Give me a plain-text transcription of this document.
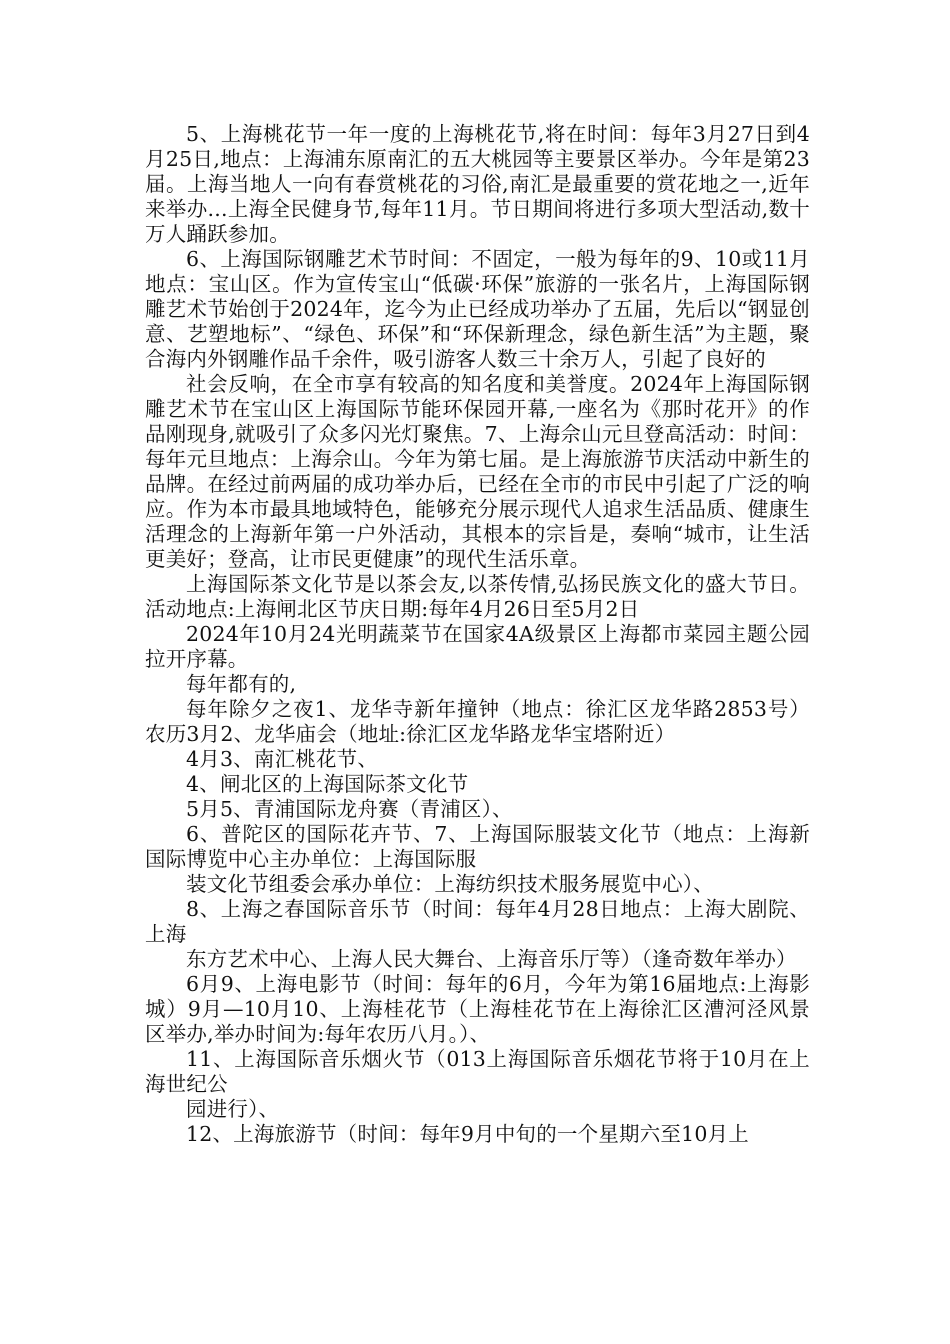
5、上海桃花节一年一度的上海桃花节,将在时间：每年3月27日到4月25日,地点：上海浦东原南汇的五大桃园等主要景区举办。今年是第23届。上海当地人一向有春赏桃花的习俗,南汇是最重要的赏花地之一,近年来举办...上海全民健身节,每年11月。节日期间将进行多项大型活动,数十万人踊跃参加。

6、上海国际钢雕艺术节时间：不固定，一般为每年的9、10或11月地点：宝山区。作为宣传宝山“低碳·环保”旅游的一张名片，上海国际钢雕艺术节始创于2024年，迄今为止已经成功举办了五届，先后以“钢显创意、艺塑地标”、“绿色、环保”和“环保新理念，绿色新生活”为主题，聚合海内外钢雕作品千余件，吸引游客人数三十余万人，引起了良好的

社会反响，在全市享有较高的知名度和美誉度。2024年上海国际钢雕艺术节在宝山区上海国际节能环保园开幕,一座名为《那时花开》的作品刚现身,就吸引了众多闪光灯聚焦。7、上海佘山元旦登高活动：时间：每年元旦地点：上海佘山。今年为第七届。是上海旅游节庆活动中新生的品牌。在经过前两届的成功举办后，已经在全市的市民中引起了广泛的响应。作为本市最具地域特色，能够充分展示现代人追求生活品质、健康生活理念的上海新年第一户外活动，其根本的宗旨是，奏响“城市，让生活更美好；登高，让市民更健康”的现代生活乐章。

上海国际茶文化节是以茶会友,以茶传情,弘扬民族文化的盛大节日。活动地点:上海闸北区节庆日期:每年4月26日至5月2日

2024年10月24光明蔬菜节在国家4A级景区上海都市菜园主题公园拉开序幕。

每年都有的,

每年除夕之夜1、龙华寺新年撞钟（地点：徐汇区龙华路2853号）农历3月2、龙华庙会（地址:徐汇区龙华路龙华宝塔附近）

4月3、南汇桃花节、

4、闸北区的上海国际茶文化节

5月5、青浦国际龙舟赛（青浦区）、

6、普陀区的国际花卉节、7、上海国际服装文化节（地点：上海新国际博览中心主办单位：上海国际服

装文化节组委会承办单位：上海纺织技术服务展览中心）、

8、上海之春国际音乐节（时间：每年4月28日地点：上海大剧院、上海

东方艺术中心、上海人民大舞台、上海音乐厅等）（逢奇数年举办）

6月9、上海电影节（时间：每年的6月，今年为第16届地点:上海影城）9月—10月10、上海桂花节（上海桂花节在上海徐汇区漕河泾风景区举办,举办时间为:每年农历八月。）、

11、上海国际音乐烟火节（013上海国际音乐烟花节将于10月在上海世纪公

园进行）、

12、上海旅游节（时间：每年9月中旬的一个星期六至10月上
